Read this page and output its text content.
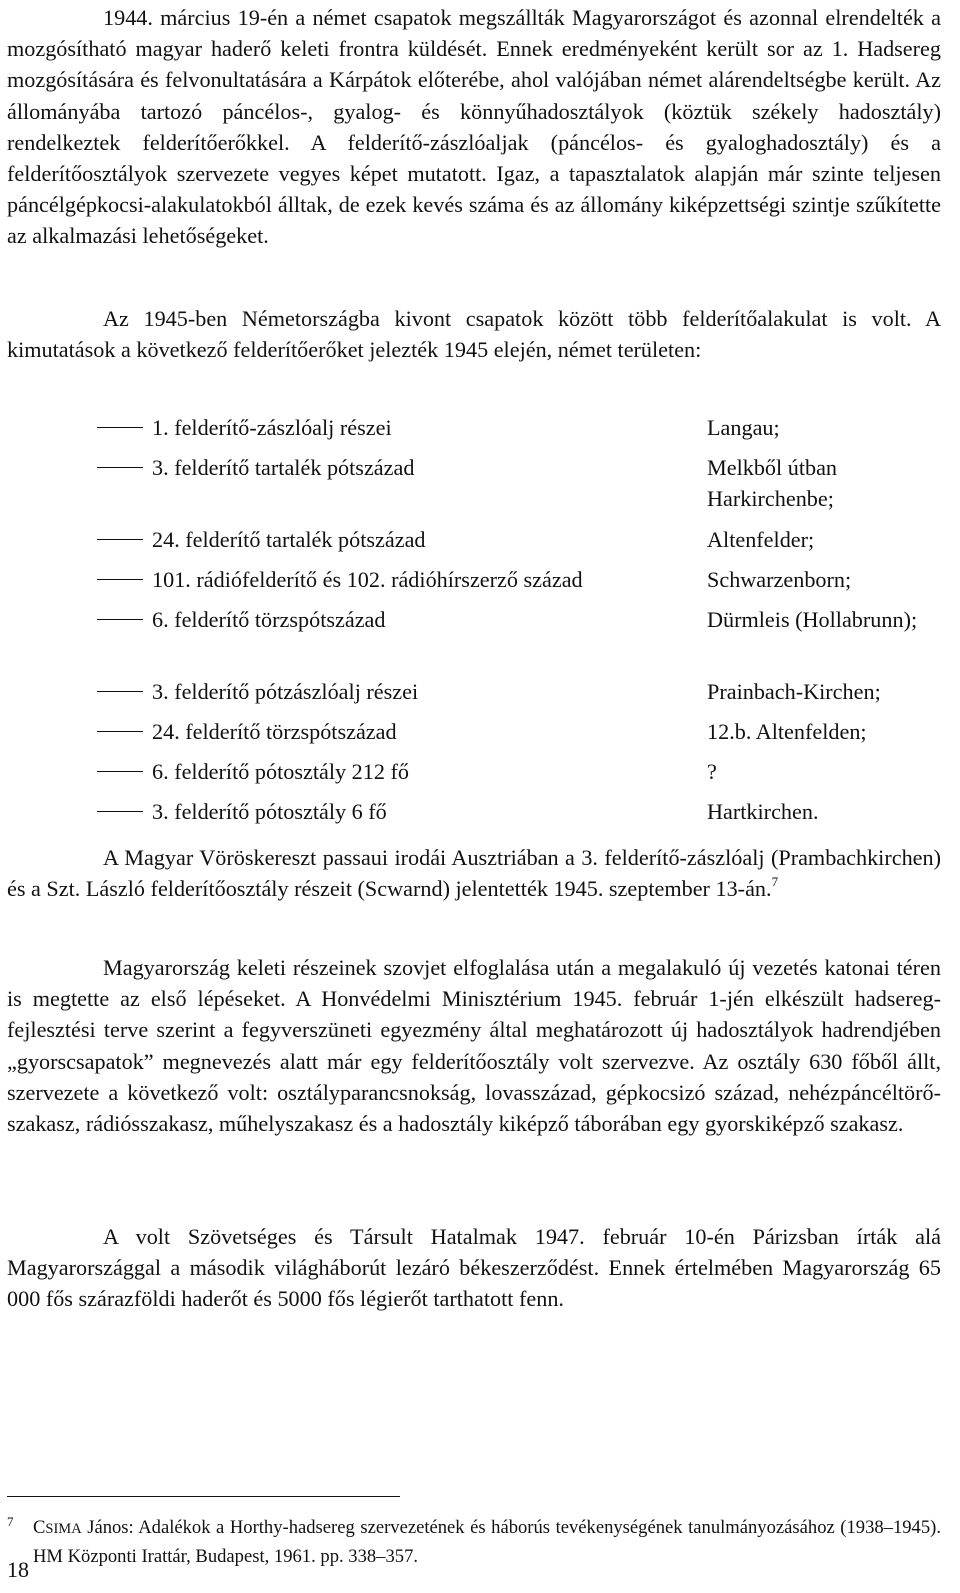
1944. március 19-én a német csapatok megszállták Magyarországot és azonnal elrendelték a mozgósítható magyar haderő keleti frontra küldését. Ennek eredményeként került sor az 1. Hadsereg mozgósítására és felvonultatására a Kárpátok előterébe, ahol valójában német alárendeltségbe került. Az állományába tartozó páncélos-, gyalog- és könnyűhadosztályok (köztük székely hadosztály) rendelkeztek felderítőerőkkel. A felderítő-zászlóaljak (páncélos- és gyaloghadosztály) és a felderítőosztályok szervezete vegyes képet mutatott. Igaz, a tapasztalatok alapján már szinte teljesen páncélgépkocsi-alakulatokból álltak, de ezek kevés száma és az állomány kiképzettségi szintje szűkítette az alkalmazási lehetőségeket.

Az 1945-ben Németországba kivont csapatok között több felderítőalakulat is volt. A kimutatások a következő felderítőerőket jelezték 1945 elején, német területen:

1. felderítő-zászlóalj részei	Langau;
3. felderítő tartalék pótszázad	Melkből útban Harkirchenbe;
24. felderítő tartalék pótszázad	Altenfelder;
101. rádiófelderítő és 102. rádióhírszerző század	Schwarzenborn;
6. felderítő törzspótszázad	Dürmleis (Hollabrunn);
3. felderítő pótzászlóalj részei	Prainbach-Kirchen;
24. felderítő törzspótszázad	12.b. Altenfelden;
6. felderítő pótosztály 212 fő	?
3. felderítő pótosztály 6 fő	Hartkirchen.

A Magyar Vöröskereszt passaui irodái Ausztriában a 3. felderítő-zászlóalj (Prambachkirchen) és a Szt. László felderítőosztály részeit (Scwarnd) jelentették 1945. szeptember 13-án.$^7$

Magyarország keleti részeinek szovjet elfoglalása után a megalakuló új vezetés katonai téren is megtette az első lépéseket. A Honvédelmi Minisztérium 1945. február 1-jén elkészült hadsereg-fejlesztési terve szerint a fegyverszüneti egyezmény által meghatározott új hadosztályok hadrendjében „gyorscsapatok” megnevezés alatt már egy felderítőosztály volt szervezve. Az osztály 630 főből állt, szervezete a következő volt: osztályparancsnokság, lovasszázad, gépkocsizó század, nehézpáncéltörő-szakasz, rádiósszakasz, műhelyszakasz és a hadosztály kiképző táborában egy gyorskiképző szakasz.

A volt Szövetséges és Társult Hatalmak 1947. február 10-én Párizsban írták alá Magyarországgal a második világháborút lezáró békeszerződést. Ennek értelmében Magyarország 65 000 fős szárazföldi haderőt és 5000 fős légierőt tarthatott fenn.

7	CSIMA János: Adalékok a Horthy-hadsereg szervezetének és háborús tevékenységének tanulmányozásához (1938–1945). HM Központi Irattár, Budapest, 1961. pp. 338–357.
18
